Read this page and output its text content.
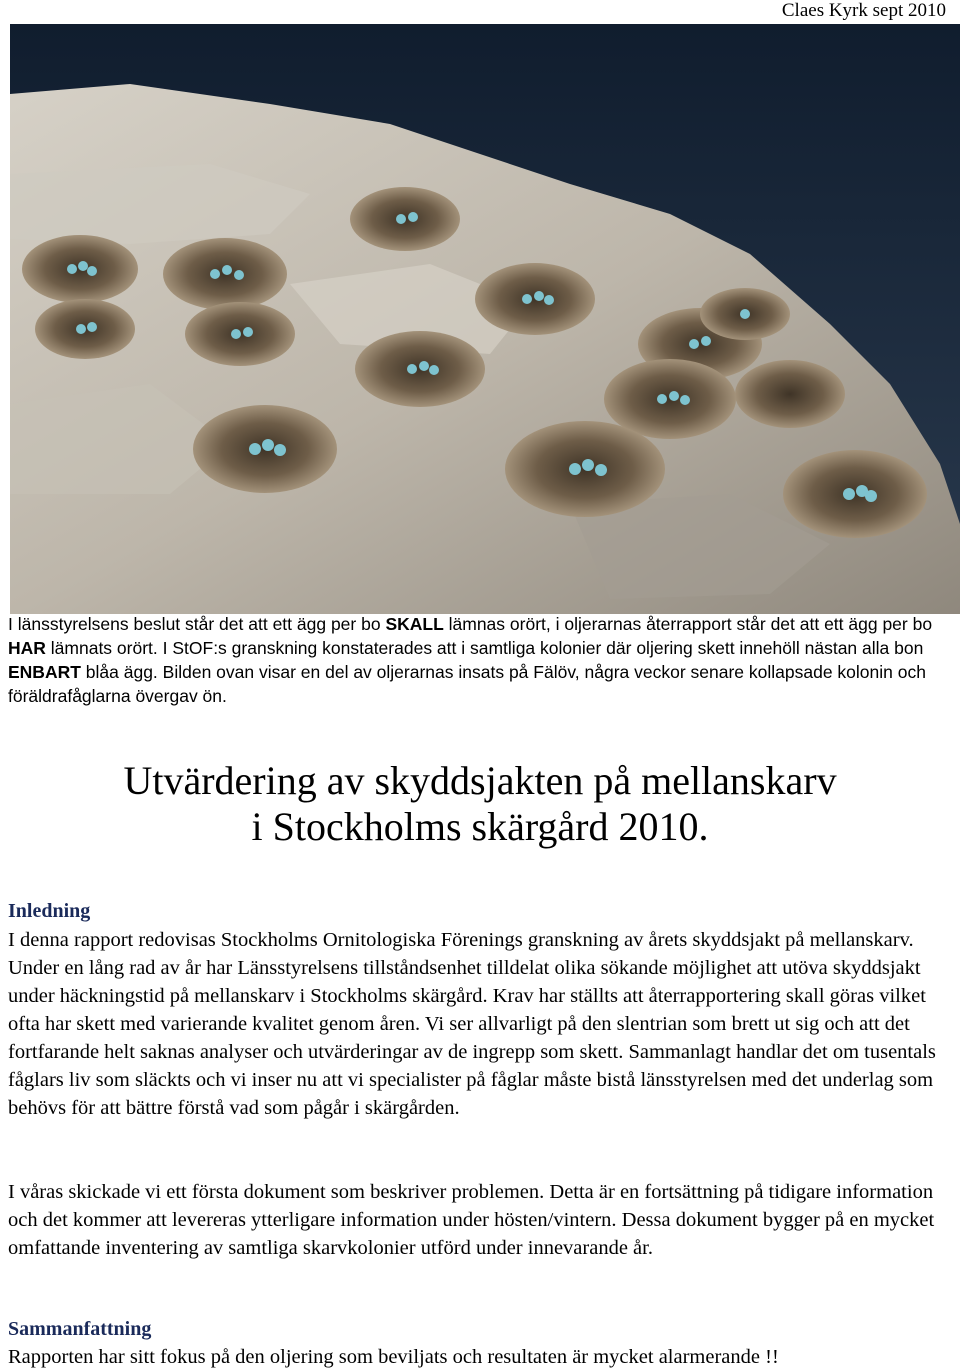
Claes Kyrk sept 2010

I länsstyrelsens beslut står det att ett ägg per bo SKALL lämnas orört, i oljerarnas återrapport står det att ett ägg per bo HAR lämnats orört. I StOF:s granskning konstaterades att i samtliga kolonier där oljering skett innehöll nästan alla bon ENBART blåa ägg. Bilden ovan visar en del av oljerarnas insats på Fälöv, några veckor senare kollapsade kolonin och föräldrafåglarna övergav ön.

Utvärdering av skyddsjakten på mellanskarv
i Stockholms skärgård 2010.
Inledning

I denna rapport redovisas Stockholms Ornitologiska Förenings granskning av årets skyddsjakt på mellanskarv. Under en lång rad av år har Länsstyrelsens tillståndsenhet tilldelat olika sökande möjlighet att utöva skyddsjakt under häckningstid på mellanskarv i Stockholms skärgård. Krav har ställts att återrapportering skall göras vilket ofta har skett med varierande kvalitet genom åren. Vi ser allvarligt på den slentrian som brett ut sig och att det fortfarande helt saknas analyser och utvärderingar av de ingrepp som skett. Sammanlagt handlar det om tusentals fåglars liv som släckts och vi inser nu att vi specialister på fåglar måste bistå länsstyrelsen med det underlag som behövs för att bättre förstå vad som pågår i skärgården.

I våras skickade vi ett första dokument som beskriver problemen. Detta är en fortsättning på tidigare information och det kommer att levereras ytterligare information under hösten/vintern. Dessa dokument bygger på en mycket omfattande inventering av samtliga skarvkolonier utförd under innevarande år.

Sammanfattning

Rapporten har sitt fokus på den oljering som beviljats och resultaten är mycket alarmerande !!
